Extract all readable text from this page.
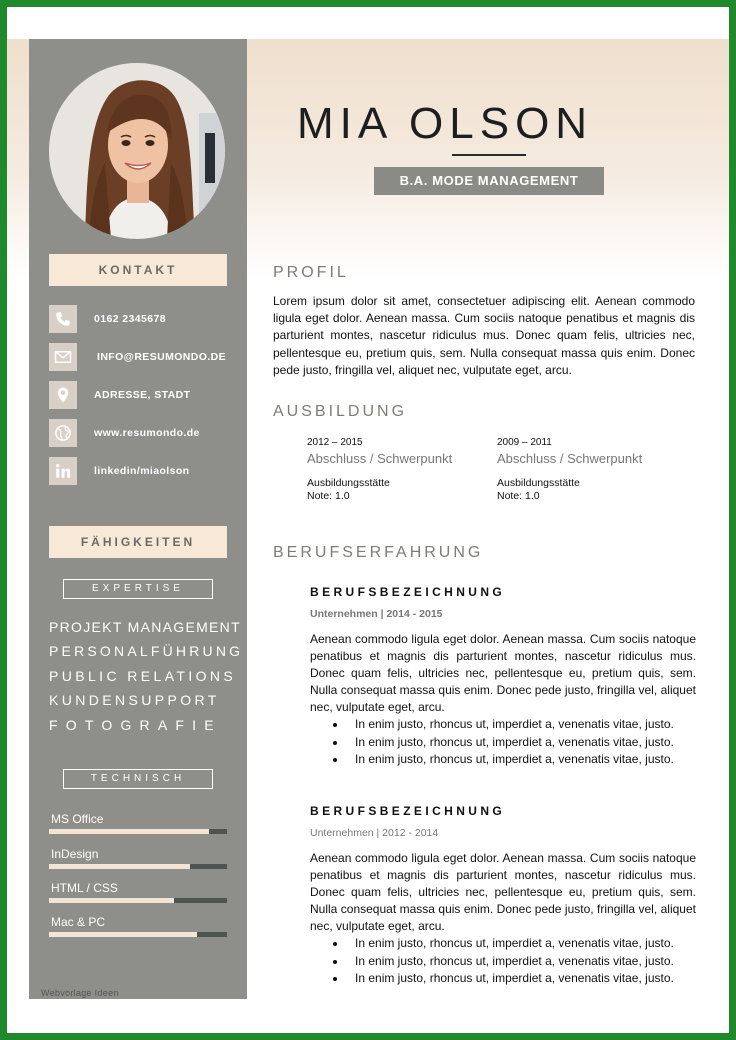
KONTAKT
0162 2345678
INFO@RESUMONDO.DE
ADRESSE, STADT
www.resumondo.de
linkedin/miaolson
FÄHIGKEITEN
EXPERTISE
PROJEKT MANAGEMENT
PERSONALFÜHRUNG
PUBLIC RELATIONS
KUNDENSUPPORT
FOTOGRAFIE
TECHNISCH
MS Office
InDesign
HTML / CSS
Mac & PC
MIA OLSON
B.A. MODE MANAGEMENT
PROFIL
Lorem ipsum dolor sit amet, consectetuer adipiscing elit. Aenean commodo ligula eget dolor. Aenean massa. Cum sociis natoque penatibus et magnis dis parturient montes, nascetur ridiculus mus. Donec quam felis, ultricies nec, pellentesque eu, pretium quis, sem. Nulla consequat massa quis enim. Donec pede justo, fringilla vel, aliquet nec, vulputate eget, arcu.
AUSBILDUNG
2012 – 2015
Abschluss / Schwerpunkt
Ausbildungsstätte
Note: 1.0
2009 – 2011
Abschluss / Schwerpunkt
Ausbildungsstätte
Note: 1.0
BERUFSERFAHRUNG
BERUFSBEZEICHNUNG
Unternehmen | 2014 - 2015
Aenean commodo ligula eget dolor. Aenean massa. Cum sociis natoque penatibus et magnis dis parturient montes, nascetur ridiculus mus. Donec quam felis, ultricies nec, pellentesque eu, pretium quis, sem. Nulla consequat massa quis enim. Donec pede justo, fringilla vel, aliquet nec, vulputate eget, arcu.
In enim justo, rhoncus ut, imperdiet a, venenatis vitae, justo.
In enim justo, rhoncus ut, imperdiet a, venenatis vitae, justo.
In enim justo, rhoncus ut, imperdiet a, venenatis vitae, justo.
BERUFSBEZEICHNUNG
Unternehmen | 2012 - 2014
Aenean commodo ligula eget dolor. Aenean massa. Cum sociis natoque penatibus et magnis dis parturient montes, nascetur ridiculus mus. Donec quam felis, ultricies nec, pellentesque eu, pretium quis, sem. Nulla consequat massa quis enim. Donec pede justo, fringilla vel, aliquet nec, vulputate eget, arcu.
In enim justo, rhoncus ut, imperdiet a, venenatis vitae, justo.
In enim justo, rhoncus ut, imperdiet a, venenatis vitae, justo.
In enim justo, rhoncus ut, imperdiet a, venenatis vitae, justo.
Webvorlage Ideen
